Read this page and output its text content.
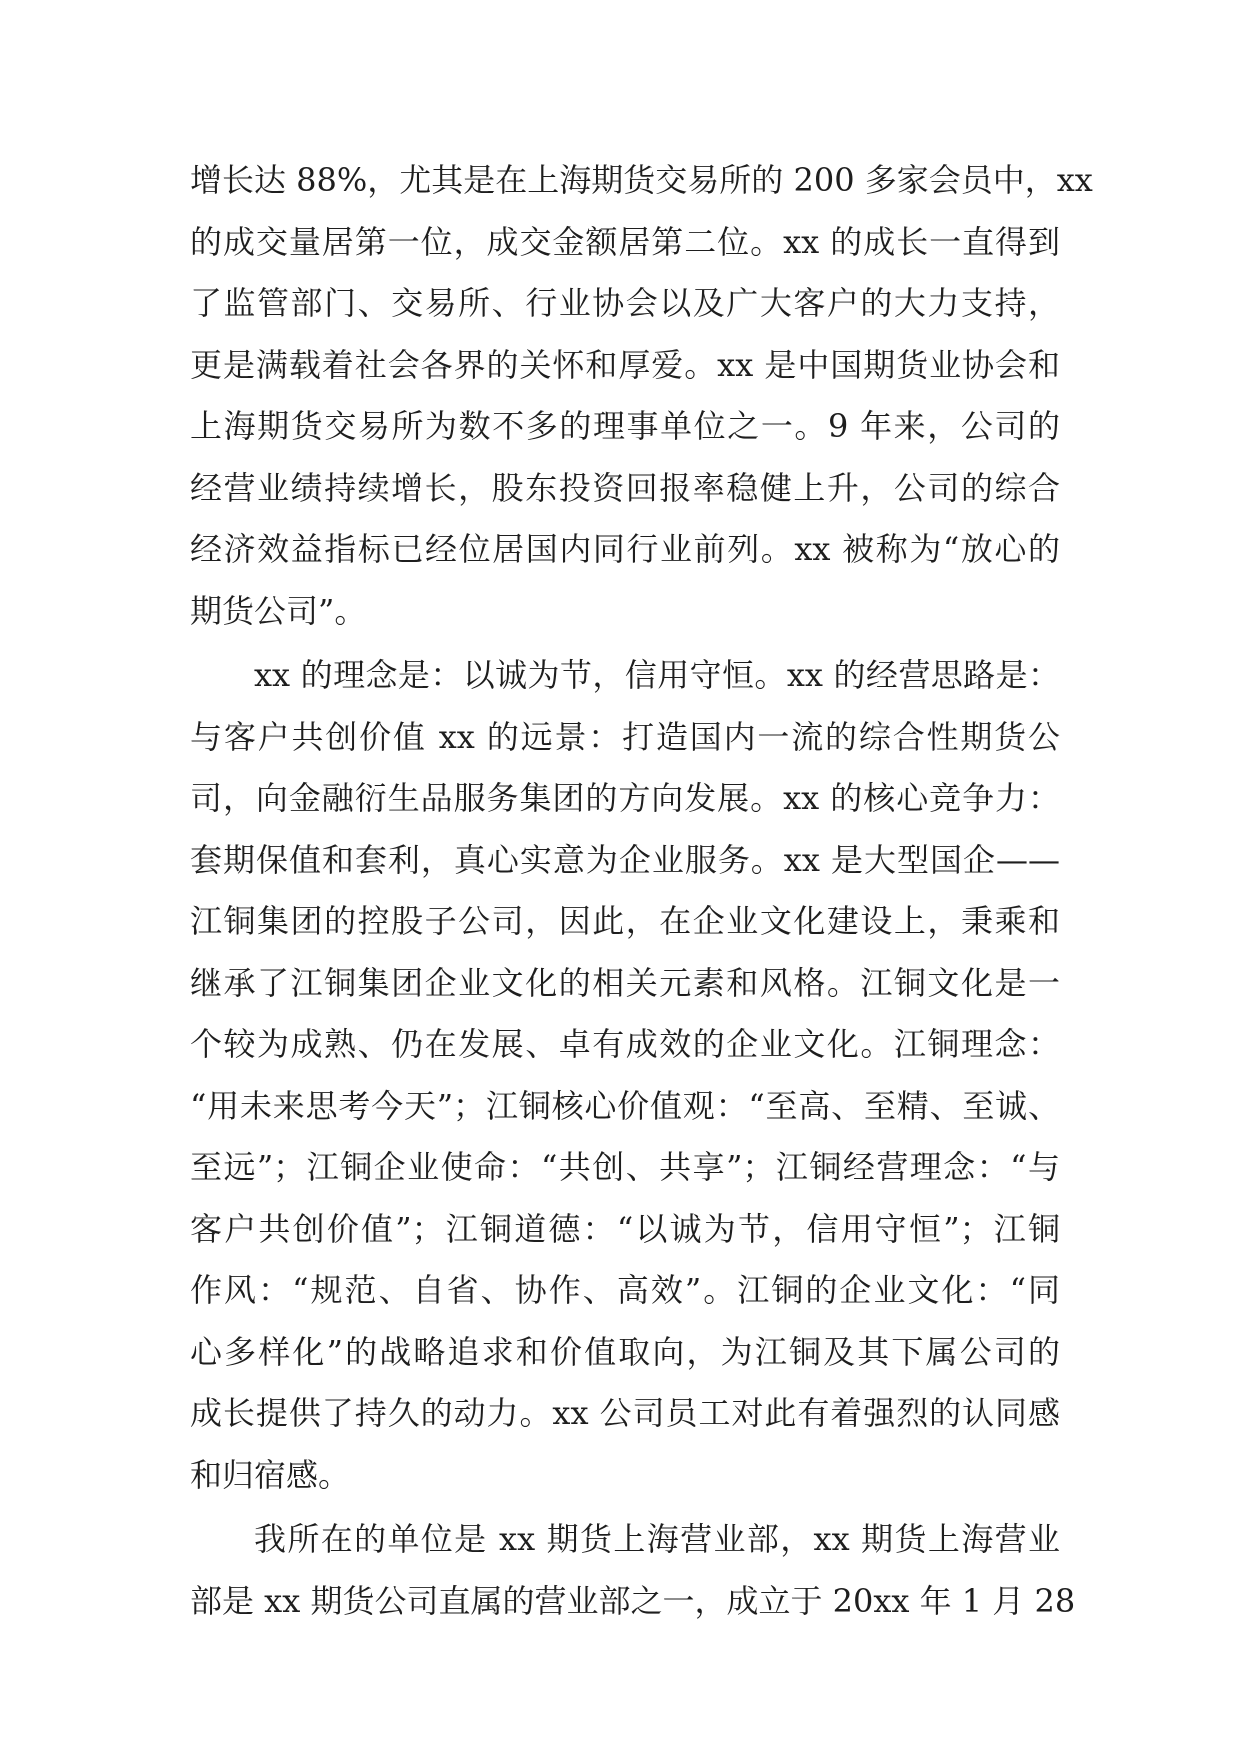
增长达 88%，尤其是在上海期货交易所的 200 多家会员中，xx
的成交量居第一位，成交金额居第二位。xx 的成长一直得到
了监管部门、交易所、行业协会以及广大客户的大力支持，
更是满载着社会各界的关怀和厚爱。xx 是中国期货业协会和
上海期货交易所为数不多的理事单位之一。9 年来，公司的
经营业绩持续增长，股东投资回报率稳健上升，公司的综合
经济效益指标已经位居国内同行业前列。xx 被称为“放心的
期货公司”。
xx 的理念是：以诚为节，信用守恒。xx 的经营思路是：
与客户共创价值 xx 的远景：打造国内一流的综合性期货公
司，向金融衍生品服务集团的方向发展。xx 的核心竞争力：
套期保值和套利，真心实意为企业服务。xx 是大型国企——
江铜集团的控股子公司，因此，在企业文化建设上，秉乘和
继承了江铜集团企业文化的相关元素和风格。江铜文化是一
个较为成熟、仍在发展、卓有成效的企业文化。江铜理念：
“用未来思考今天”；江铜核心价值观：“至高、至精、至诚、
至远”；江铜企业使命：“共创、共享”；江铜经营理念：“与
客户共创价值”；江铜道德：“以诚为节，信用守恒”；江铜
作风：“规范、自省、协作、高效”。江铜的企业文化：“同
心多样化”的战略追求和价值取向，为江铜及其下属公司的
成长提供了持久的动力。xx 公司员工对此有着强烈的认同感
和归宿感。
我所在的单位是 xx 期货上海营业部，xx 期货上海营业
部是 xx 期货公司直属的营业部之一，成立于 20xx 年 1 月 28
